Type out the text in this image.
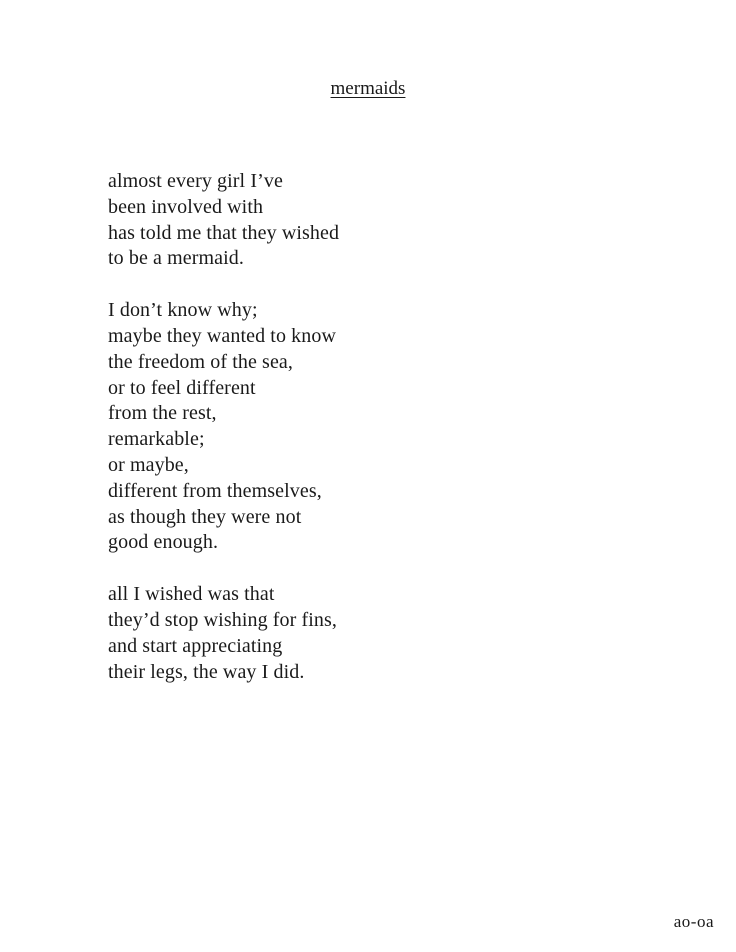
mermaids
almost every girl I’ve
been involved with
has told me that they wished
to be a mermaid.
I don’t know why;
maybe they wanted to know
the freedom of the sea,
or to feel different
from the rest,
remarkable;
or maybe,
different from themselves,
as though they were not
good enough.
all I wished was that
they’d stop wishing for fins,
and start appreciating
their legs, the way I did.
ao-oa
